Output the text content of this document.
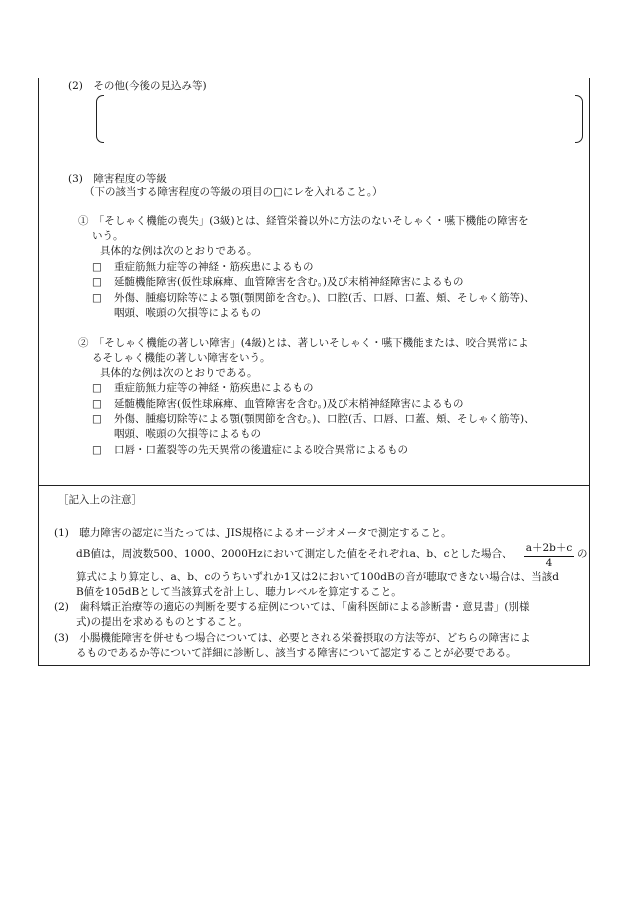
(2)　その他(今後の見込み等)
(3)　障害程度の等級
（下の該当する障害程度の等級の項目の□にレを入れること。）
①　「そしゃく機能の喪失」(3級)とは、経管栄養以外に方法のないそしゃく・嚥下機能の障害を
いう。
具体的な例は次のとおりである。
□ 重症筋無力症等の神経・筋疾患によるもの
□ 延髄機能障害(仮性球麻痺、血管障害を含む。)及び末梢神経障害によるもの
□ 外傷、腫瘍切除等による顎(顎関節を含む。)、口腔(舌、口唇、口蓋、頬、そしゃく筋等)、
咽頭、喉頭の欠損等によるもの
②　「そしゃく機能の著しい障害」(4級)とは、著しいそしゃく・嚥下機能または、咬合異常によ
るそしゃく機能の著しい障害をいう。
具体的な例は次のとおりである。
□ 重症筋無力症等の神経・筋疾患によるもの
□ 延髄機能障害(仮性球麻痺、血管障害を含む。)及び末梢神経障害によるもの
□ 外傷、腫瘍切除等による顎(顎関節を含む。)、口腔(舌、口唇、口蓋、頬、そしゃく筋等)、
咽頭、喉頭の欠損等によるもの
□ 口唇・口蓋裂等の先天異常の後遺症による咬合異常によるもの
［記入上の注意］
(1)　聴力障害の認定に当たっては、JIS規格によるオージオメータで測定すること。
dB値は，周波数500、1000、2000Hzにおいて測定した値をそれぞれa、b、cとした場合、 $\frac{a+2b+c}{4}$ の
算式により算定し、a、b、cのうちいずれか1又は2において100dBの音が聴取できない場合は、当該d
B値を105dBとして当該算式を計上し、聴力レベルを算定すること。
(2)　歯科矯正治療等の適応の判断を要する症例については、「歯科医師による診断書・意見書」(別様
式)の提出を求めるものとすること。
(3)　小腸機能障害を併せもつ場合については、必要とされる栄養摂取の方法等が、どちらの障害によ
るものであるか等について詳細に診断し、該当する障害について認定することが必要である。
